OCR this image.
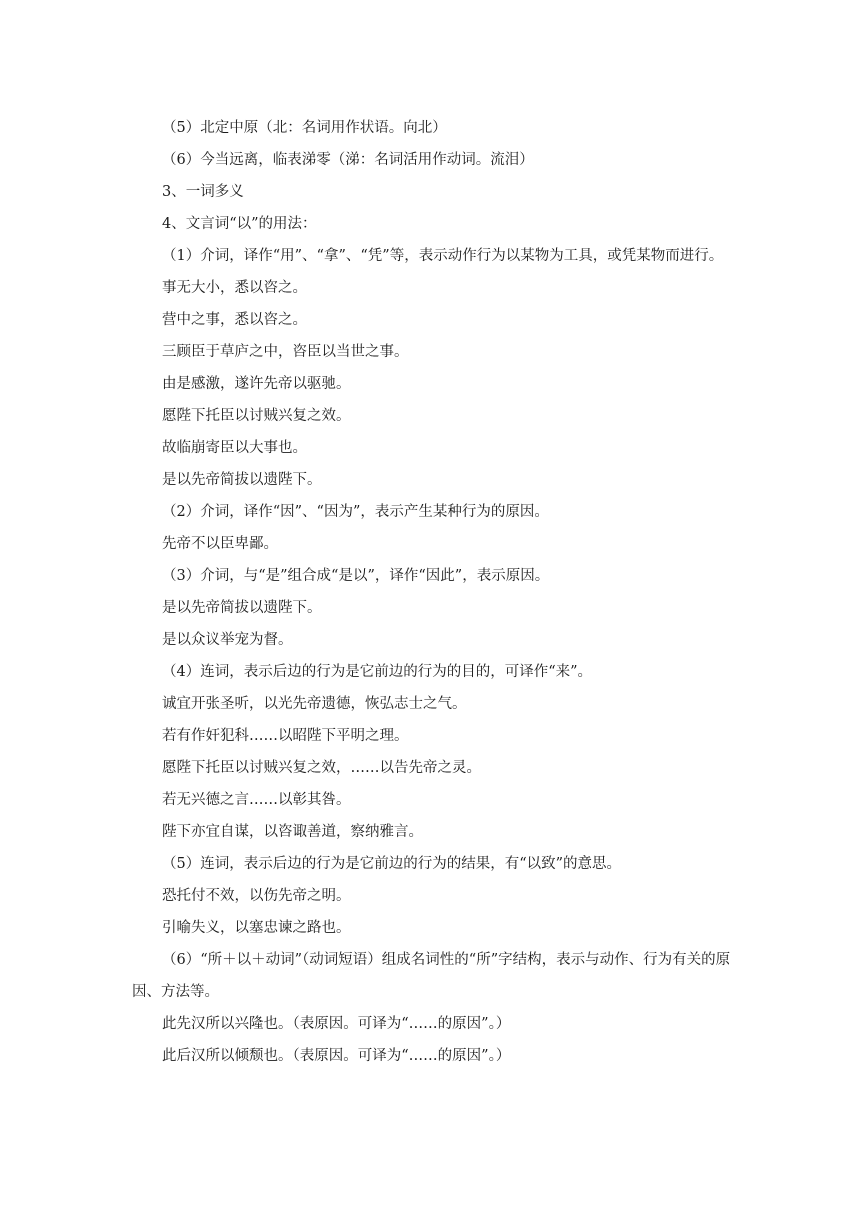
（5）北定中原（北：名词用作状语。向北）

（6）今当远离，临表涕零（涕：名词活用作动词。流泪）

3、一词多义

4、文言词“以”的用法：

（1）介词，译作“用”、“拿”、“凭”等，表示动作行为以某物为工具，或凭某物而进行。

事无大小，悉以咨之。

营中之事，悉以咨之。

三顾臣于草庐之中，咨臣以当世之事。

由是感激，遂许先帝以驱驰。

愿陛下托臣以讨贼兴复之效。

故临崩寄臣以大事也。

是以先帝简拔以遗陛下。

（2）介词，译作“因”、“因为”，表示产生某种行为的原因。

先帝不以臣卑鄙。

（3）介词，与“是”组合成“是以”，译作“因此”，表示原因。

是以先帝简拔以遗陛下。

是以众议举宠为督。

（4）连词，表示后边的行为是它前边的行为的目的，可译作“来”。

诚宜开张圣听，以光先帝遗德，恢弘志士之气。

若有作奸犯科……以昭陛下平明之理。

愿陛下托臣以讨贼兴复之效，……以告先帝之灵。

若无兴德之言……以彰其咎。

陛下亦宜自谋，以咨诹善道，察纳雅言。

（5）连词，表示后边的行为是它前边的行为的结果，有“以致”的意思。

恐托付不效，以伤先帝之明。

引喻失义，以塞忠谏之路也。

（6）“所＋以＋动词”（动词短语）组成名词性的“所”字结构，表示与动作、行为有关的原因、方法等。

此先汉所以兴隆也。（表原因。可译为“……的原因”。）

此后汉所以倾颓也。（表原因。可译为“……的原因”。）
